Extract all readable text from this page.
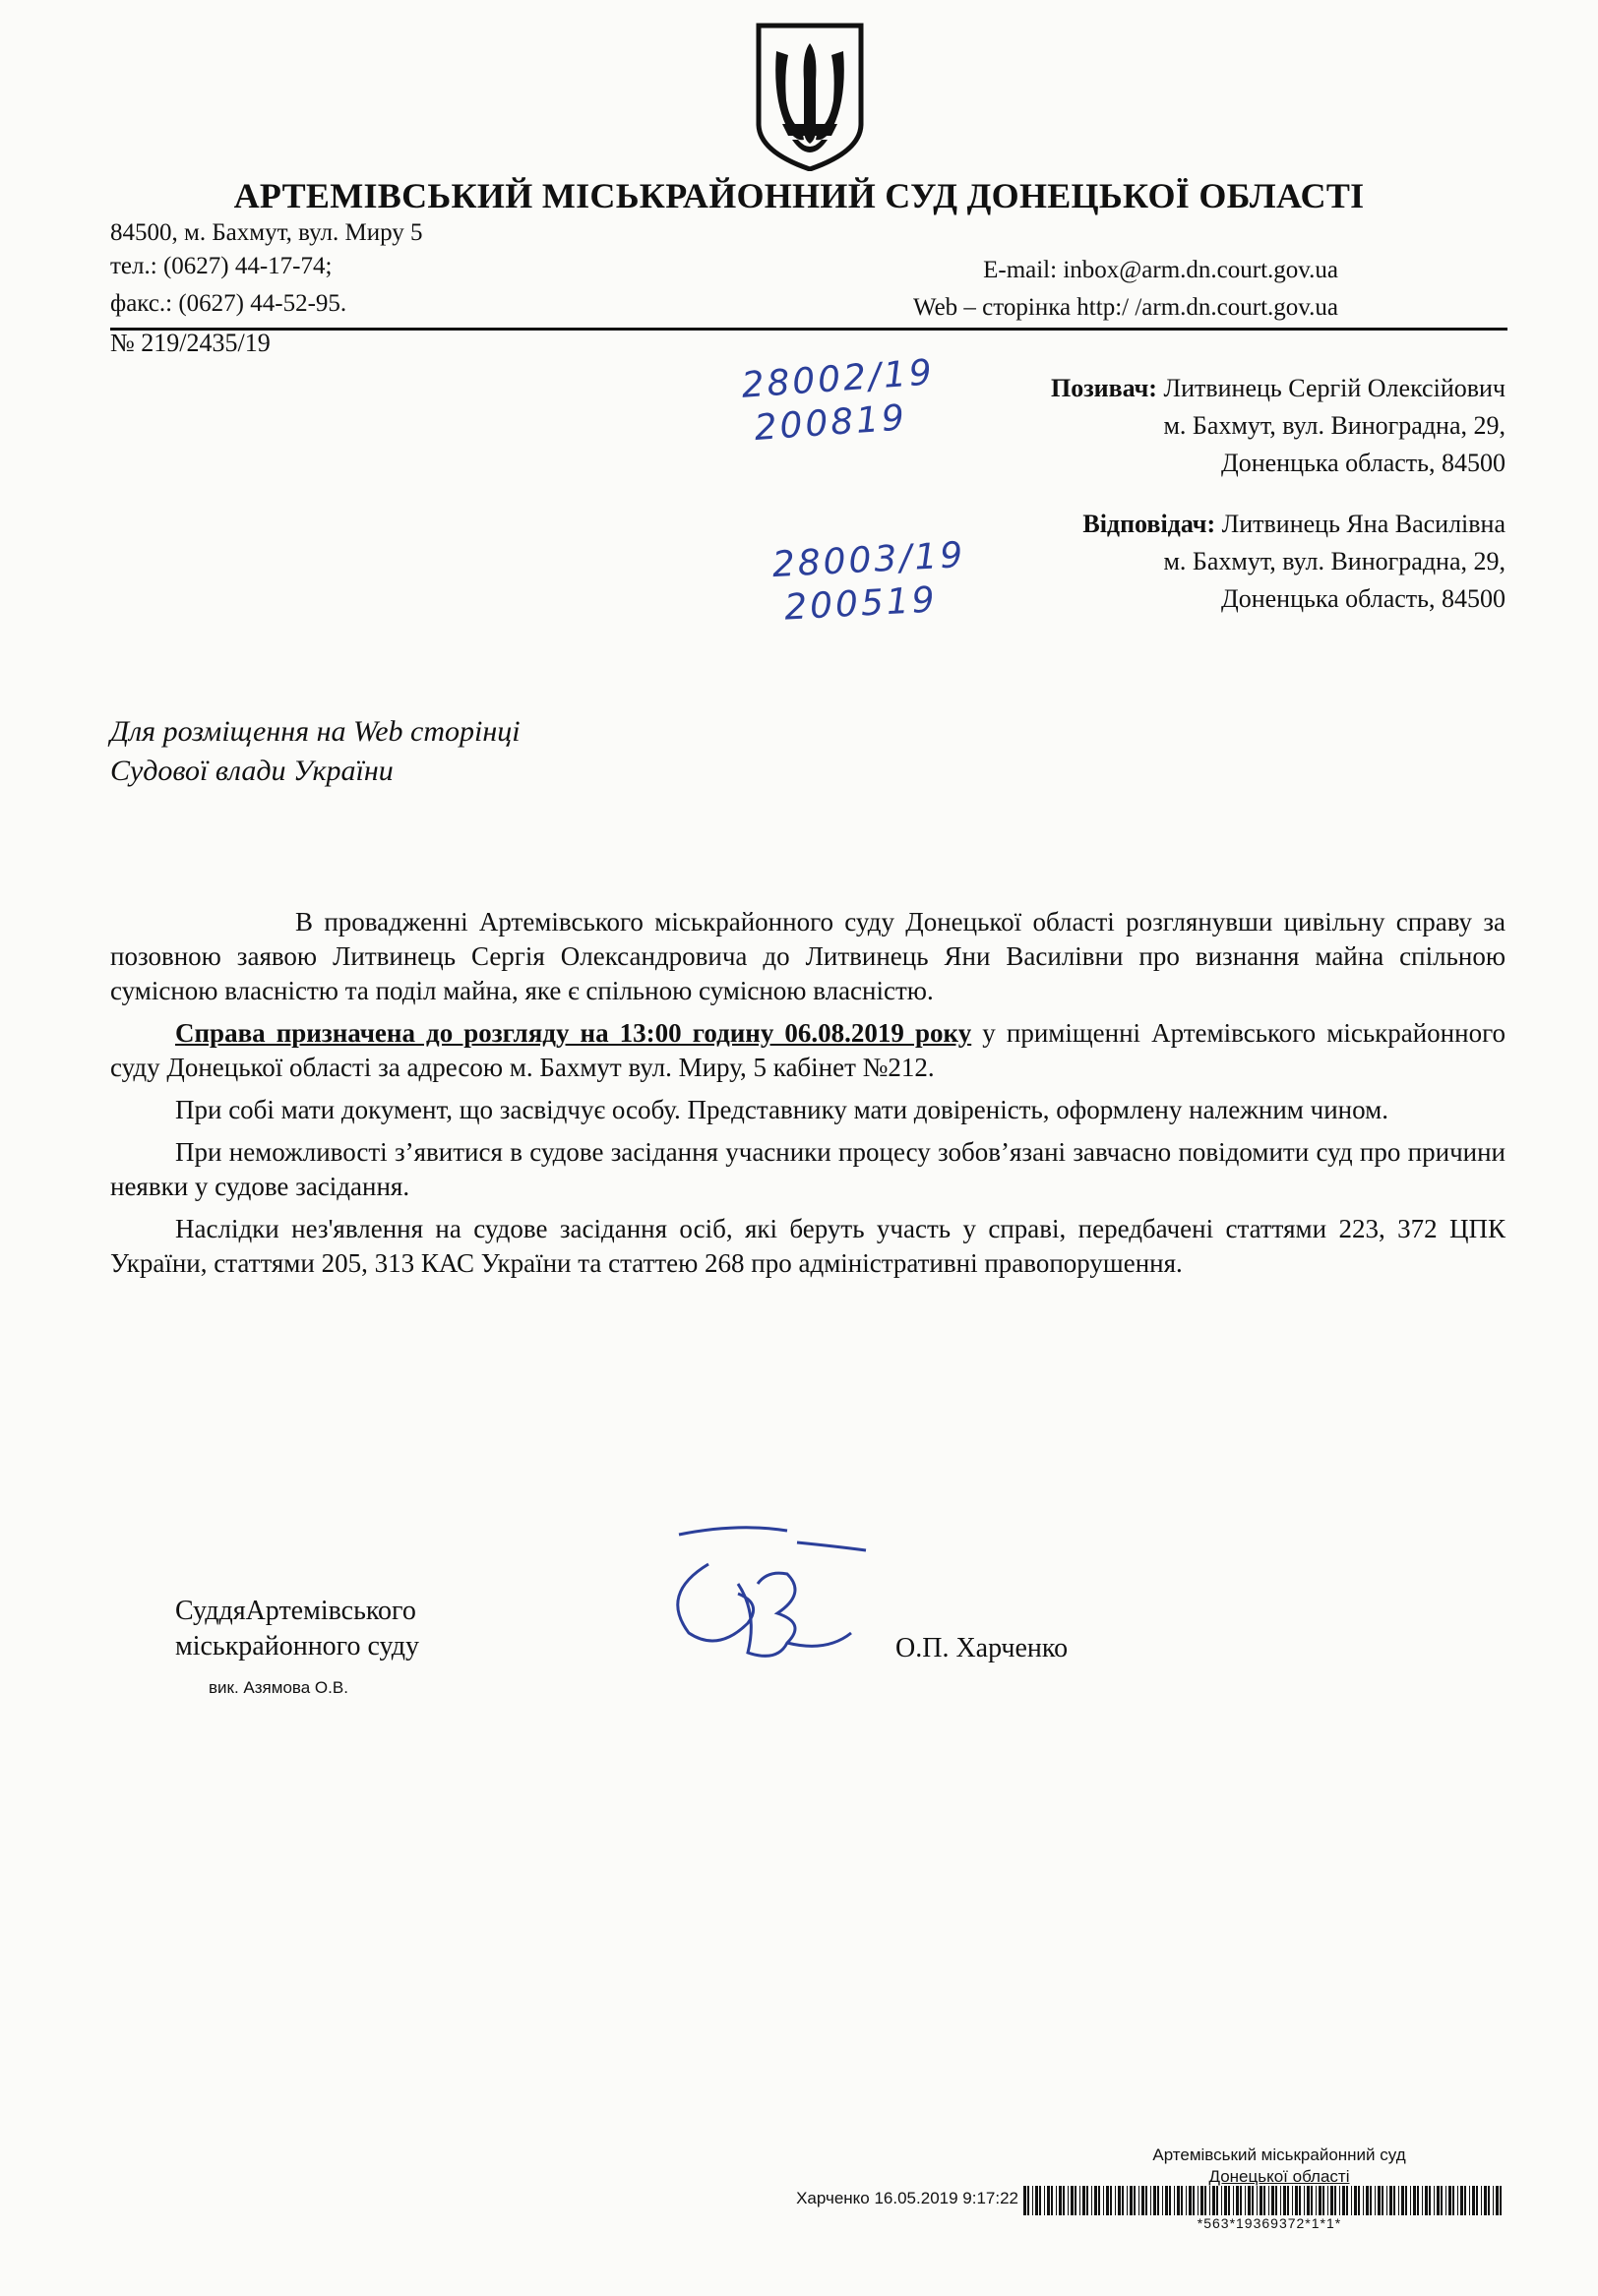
АРТЕМІВСЬКИЙ МІСЬКРАЙОННИЙ СУД ДОНЕЦЬКОЇ ОБЛАСТІ
84500, м. Бахмут, вул. Миру 5
тел.: (0627) 44-17-74;
факс.: (0627) 44-52-95.
E-mail: inbox@arm.dn.court.gov.ua
Web – сторінка http:/ /arm.dn.court.gov.ua
№ 219/2435/19
Позивач: Литвинець Сергій Олексійович
м. Бахмут, вул. Виноградна, 29,
Доненцька область, 84500
28002/19
200819
Відповідач: Литвинець Яна Василівна
м. Бахмут, вул. Виноградна, 29,
Доненцька область, 84500
28003/19
200519
Для розміщення на Web сторінці
Судової влади України

В провадженні Артемівського міськрайонного суду Донецької області розглянувши цивільну справу за позовною заявою Литвинець Сергія Олександровича до Литвинець Яни Василівни про визнання майна спільною сумісною власністю та поділ майна, яке є спільною сумісною власністю.

Справа призначена до розгляду на 13:00 годину 06.08.2019 року у приміщенні Артемівського міськрайонного суду Донецької області за адресою м. Бахмут вул. Миру, 5 кабінет №212.

При собі мати документ, що засвідчує особу. Представнику мати довіреність, оформлену належним чином.

При неможливості з’явитися в судове засідання учасники процесу зобов’язані завчасно повідомити суд про причини неявки у судове засідання.

Наслідки нез'явлення на судове засідання осіб, які беруть участь у справі, передбачені статтями 223, 372 ЦПК України, статтями 205, 313 КАС України та статтею 268 про адміністративні правопорушення.

СуддяАртемівського
міськрайонного суду
вик. Азямова О.В.
О.П. Харченко
Артемівський міськрайонний суд
Донецької області
Харченко 16.05.2019 9:17:22
*563*19369372*1*1*
